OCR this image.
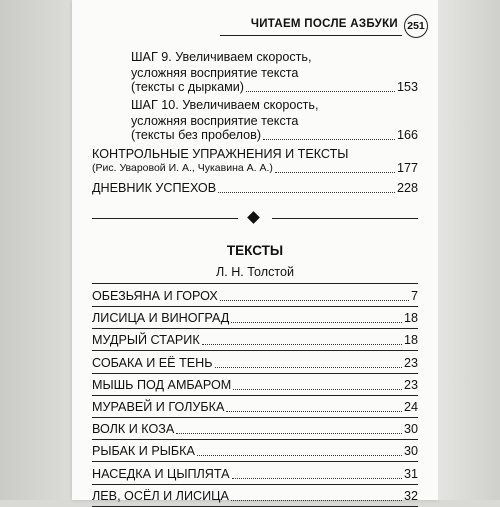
ЧИТАЕМ ПОСЛЕ АЗБУКИ 251
ШАГ 9. Увеличиваем скорость,
усложняя восприятие текста
(тексты с дырками)	153
ШАГ 10. Увеличиваем скорость,
усложняя восприятие текста
(тексты без пробелов)	166
КОНТРОЛЬНЫЕ УПРАЖНЕНИЯ И ТЕКСТЫ
(Рис. Уваровой И. А., Чукавина А. А.)	177
ДНЕВНИК УСПЕХОВ	228
ТЕКСТЫ
Л. Н. Толстой
ОБЕЗЬЯНА И ГОРОХ	7
ЛИСИЦА И ВИНОГРАД	18
МУДРЫЙ СТАРИК	18
СОБАКА И ЕЁ ТЕНЬ	23
МЫШЬ ПОД АМБАРОМ	23
МУРАВЕЙ И ГОЛУБКА	24
ВОЛК И КОЗА	30
РЫБАК И РЫБКА	30
НАСЕДКА И ЦЫПЛЯТА	31
ЛЕВ, ОСЁЛ И ЛИСИЦА	32
